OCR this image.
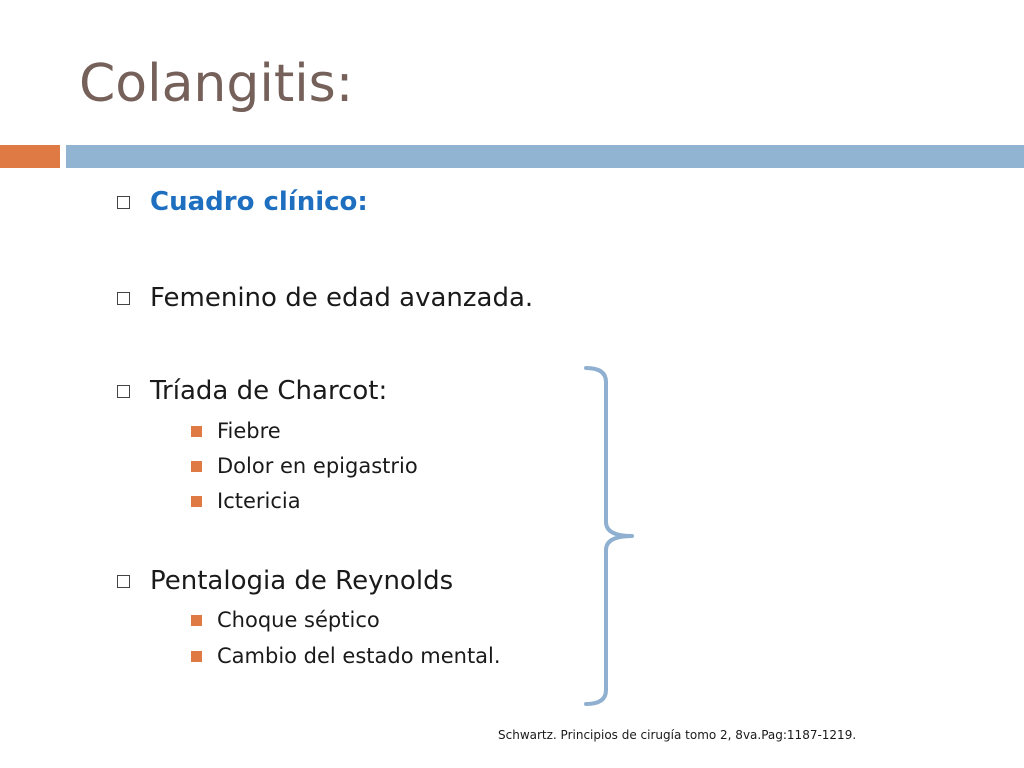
Colangitis:
Cuadro clínico:
Femenino de edad avanzada.
Tríada de Charcot:
Fiebre
Dolor en epigastrio
Ictericia
Pentalogia de Reynolds
Choque séptico
Cambio del estado mental.
Schwartz. Principios de cirugía tomo 2, 8va.Pag:1187-1219.
